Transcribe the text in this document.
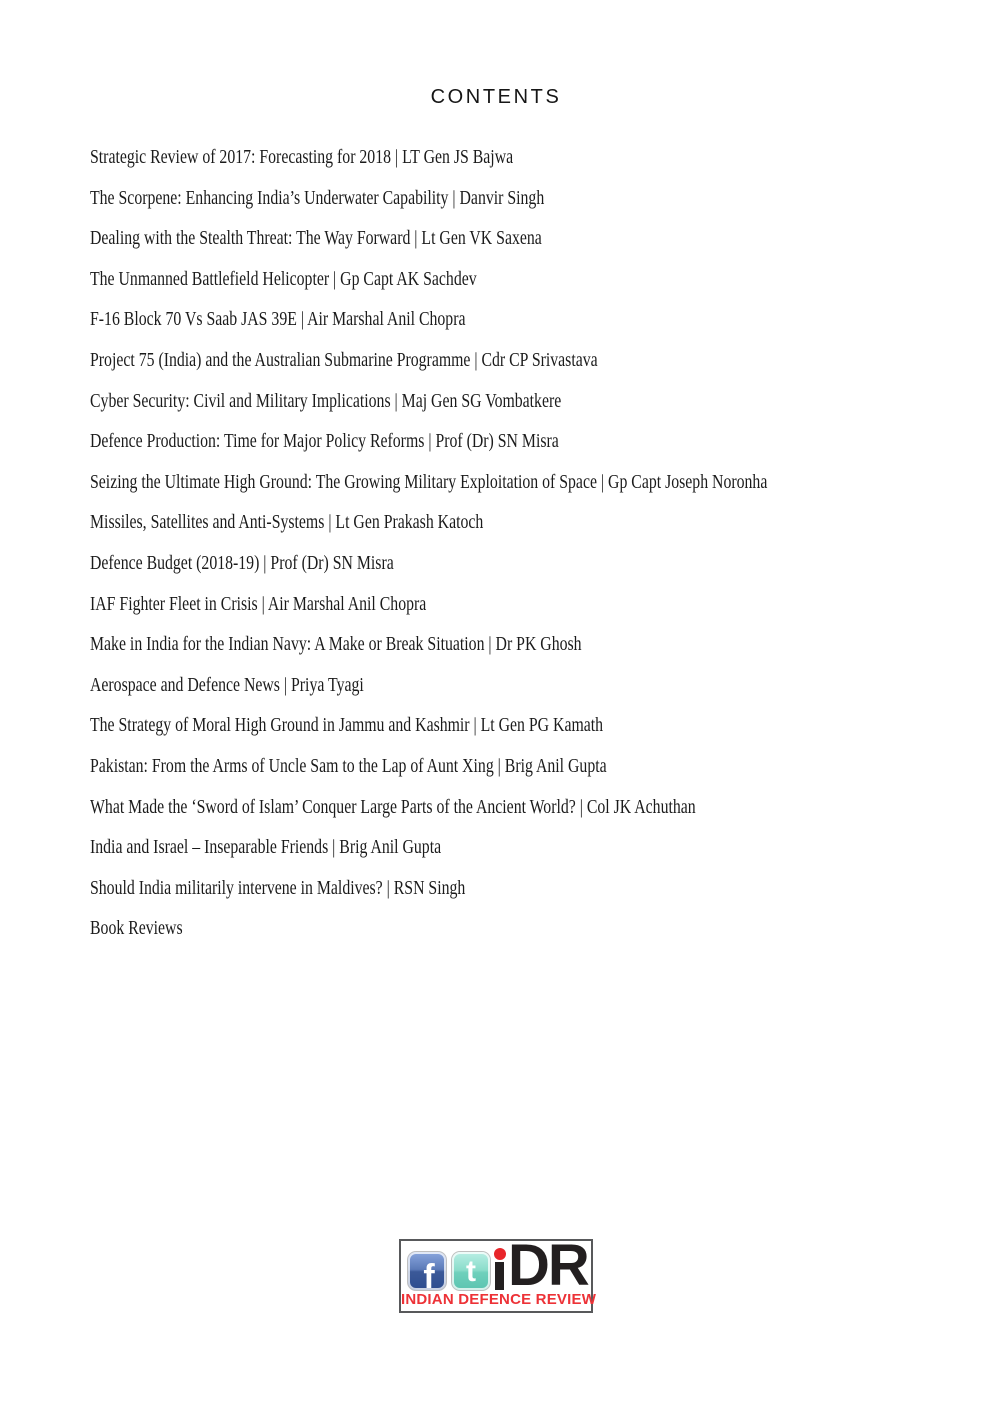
CONTENTS
Strategic Review of 2017: Forecasting for 2018 | LT Gen JS Bajwa
The Scorpene: Enhancing India’s Underwater Capability | Danvir Singh
Dealing with the Stealth Threat: The Way Forward | Lt Gen VK Saxena
The Unmanned Battlefield Helicopter | Gp Capt AK Sachdev
F-16 Block 70 Vs Saab JAS 39E | Air Marshal Anil Chopra
Project 75 (India) and the Australian Submarine Programme | Cdr CP Srivastava
Cyber Security: Civil and Military Implications | Maj Gen SG Vombatkere
Defence Production: Time for Major Policy Reforms | Prof (Dr) SN Misra
Seizing the Ultimate High Ground: The Growing Military Exploitation of Space | Gp Capt Joseph Noronha
Missiles, Satellites and Anti-Systems | Lt Gen Prakash Katoch
Defence Budget (2018-19) | Prof (Dr) SN Misra
IAF Fighter Fleet in Crisis | Air Marshal Anil Chopra
Make in India for the Indian Navy: A Make or Break Situation | Dr PK Ghosh
Aerospace and Defence News | Priya Tyagi
The Strategy of Moral High Ground in Jammu and Kashmir | Lt Gen PG Kamath
Pakistan: From the Arms of Uncle Sam to the Lap of Aunt Xing | Brig Anil Gupta
What Made the ‘Sword of Islam’ Conquer Large Parts of the Ancient World? | Col JK Achuthan
India and Israel – Inseparable Friends | Brig Anil Gupta
Should India militarily intervene in Maldives? | RSN Singh
Book Reviews
f t DR
INDIAN DEFENCE REVIEW
